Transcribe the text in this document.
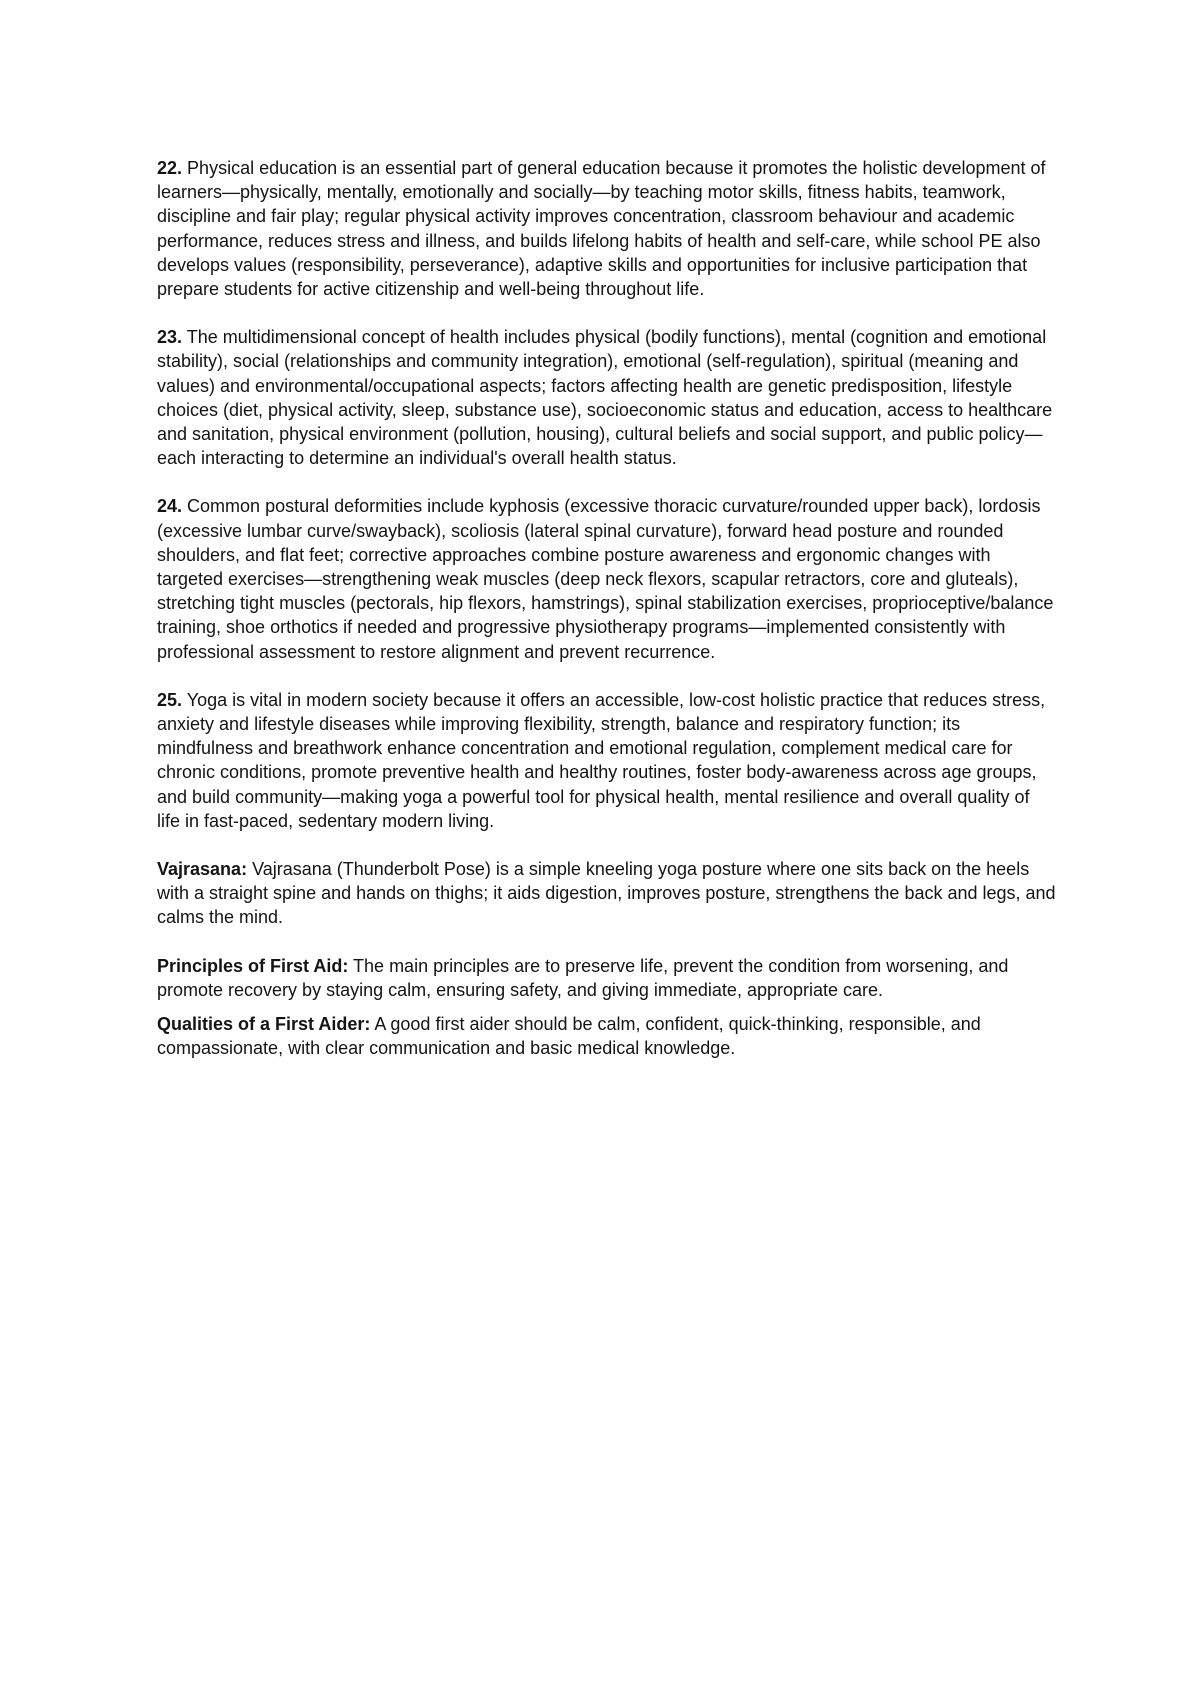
22. Physical education is an essential part of general education because it promotes the holistic development of learners—physically, mentally, emotionally and socially—by teaching motor skills, fitness habits, teamwork, discipline and fair play; regular physical activity improves concentration, classroom behaviour and academic performance, reduces stress and illness, and builds lifelong habits of health and self-care, while school PE also develops values (responsibility, perseverance), adaptive skills and opportunities for inclusive participation that prepare students for active citizenship and well-being throughout life.

23. The multidimensional concept of health includes physical (bodily functions), mental (cognition and emotional stability), social (relationships and community integration), emotional (self-regulation), spiritual (meaning and values) and environmental/occupational aspects; factors affecting health are genetic predisposition, lifestyle choices (diet, physical activity, sleep, substance use), socioeconomic status and education, access to healthcare and sanitation, physical environment (pollution, housing), cultural beliefs and social support, and public policy—each interacting to determine an individual's overall health status.

24. Common postural deformities include kyphosis (excessive thoracic curvature/rounded upper back), lordosis (excessive lumbar curve/swayback), scoliosis (lateral spinal curvature), forward head posture and rounded shoulders, and flat feet; corrective approaches combine posture awareness and ergonomic changes with targeted exercises—strengthening weak muscles (deep neck flexors, scapular retractors, core and gluteals), stretching tight muscles (pectorals, hip flexors, hamstrings), spinal stabilization exercises, proprioceptive/balance training, shoe orthotics if needed and progressive physiotherapy programs—implemented consistently with professional assessment to restore alignment and prevent recurrence.

25. Yoga is vital in modern society because it offers an accessible, low-cost holistic practice that reduces stress, anxiety and lifestyle diseases while improving flexibility, strength, balance and respiratory function; its mindfulness and breathwork enhance concentration and emotional regulation, complement medical care for chronic conditions, promote preventive health and healthy routines, foster body-awareness across age groups, and build community—making yoga a powerful tool for physical health, mental resilience and overall quality of life in fast-paced, sedentary modern living.

Vajrasana: Vajrasana (Thunderbolt Pose) is a simple kneeling yoga posture where one sits back on the heels with a straight spine and hands on thighs; it aids digestion, improves posture, strengthens the back and legs, and calms the mind.

Principles of First Aid: The main principles are to preserve life, prevent the condition from worsening, and promote recovery by staying calm, ensuring safety, and giving immediate, appropriate care.

Qualities of a First Aider: A good first aider should be calm, confident, quick-thinking, responsible, and compassionate, with clear communication and basic medical knowledge.
